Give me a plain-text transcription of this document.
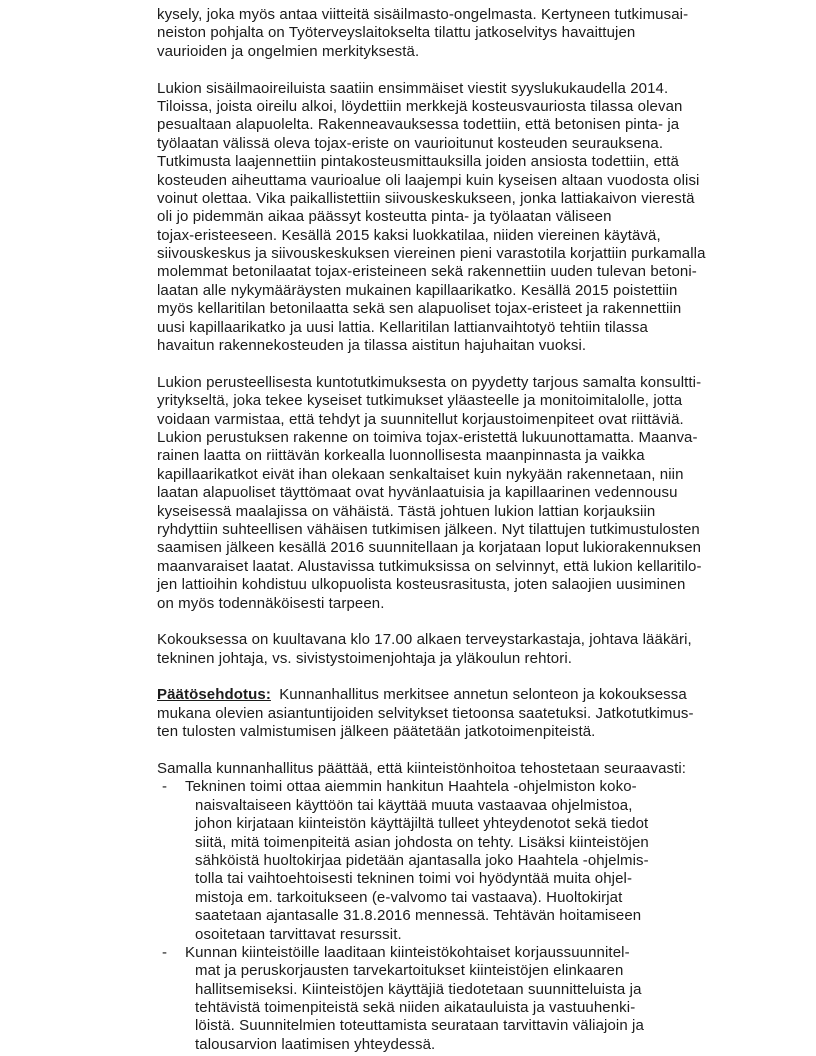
kysely, joka myös antaa viitteitä sisäilmasto-ongelmasta. Kertyneen tutkimusai-
neiston pohjalta on Työterveyslaitokselta tilattu jatkoselvitys havaittujen
vaurioiden ja ongelmien merkityksestä.
Lukion sisäilmaoireiluista saatiin ensimmäiset viestit syyslukukaudella 2014.
Tiloissa, joista oireilu alkoi, löydettiin merkkejä kosteusvauriosta tilassa olevan
pesualtaan alapuolelta. Rakenneavauksessa todettiin, että betonisen pinta- ja
työlaatan välissä oleva tojax-eriste on vaurioitunut kosteuden seurauksena.
Tutkimusta laajennettiin pintakosteusmittauksilla joiden ansiosta todettiin, että
kosteuden aiheuttama vaurioalue oli laajempi kuin kyseisen altaan vuodosta olisi
voinut olettaa. Vika paikallistettiin siivouskeskukseen, jonka lattiakaivon vierestä
oli jo pidemmän aikaa päässyt kosteutta pinta- ja työlaatan väliseen
tojax-eristeeseen. Kesällä 2015 kaksi luokkatilaa, niiden viereinen käytävä,
siivouskeskus ja siivouskeskuksen viereinen pieni varastotila korjattiin purkamalla
molemmat betonilaatat tojax-eristeineen sekä rakennettiin uuden tulevan betoni-
laatan alle nykymääräysten mukainen kapillaarikatko. Kesällä 2015 poistettiin
myös kellaritilan betonilaatta sekä sen alapuoliset tojax-eristeet ja rakennettiin
uusi kapillaarikatko ja uusi lattia. Kellaritilan lattianvaihtotyö tehtiin tilassa
havaitun rakennekosteuden ja tilassa aistitun hajuhaitan vuoksi.
Lukion perusteellisesta kuntotutkimuksesta on pyydetty tarjous samalta konsultti-
yritykseltä, joka tekee kyseiset tutkimukset yläasteelle ja monitoimitalolle, jotta
voidaan varmistaa, että tehdyt ja suunnitellut korjaustoimenpiteet ovat riittäviä.
Lukion perustuksen rakenne on toimiva tojax-eristettä lukuunottamatta. Maanva-
rainen laatta on riittävän korkealla luonnollisesta maanpinnasta ja vaikka
kapillaarikatkot eivät ihan olekaan senkaltaiset kuin nykyään rakennetaan, niin
laatan alapuoliset täyttömaat ovat hyvänlaatuisia ja kapillaarinen vedennousu
kyseisessä maalajissa on vähäistä. Tästä johtuen lukion lattian korjauksiin
ryhdyttiin suhteellisen vähäisen tutkimisen jälkeen. Nyt tilattujen tutkimustulosten
saamisen jälkeen kesällä 2016 suunnitellaan ja korjataan loput lukiorakennuksen
maanvaraiset laatat. Alustavissa tutkimuksissa on selvinnyt, että lukion kellaritilo-
jen lattioihin kohdistuu ulkopuolista kosteusrasitusta, joten salaojien uusiminen
on myös todennäköisesti tarpeen.
Kokouksessa on kuultavana klo 17.00 alkaen terveystarkastaja, johtava lääkäri,
tekninen johtaja, vs. sivistystoimenjohtaja ja yläkoulun rehtori.
Päätösehdotus: Kunnanhallitus merkitsee annetun selonteon ja kokouksessa
mukana olevien asiantuntijoiden selvitykset tietoonsa saatetuksi. Jatkotutkimus-
ten tulosten valmistumisen jälkeen päätetään jatkotoimenpiteistä.
Samalla kunnanhallitus päättää, että kiinteistönhoitoa tehostetaan seuraavasti:
- Tekninen toimi ottaa aiemmin hankitun Haahtela -ohjelmiston koko-
naisvaltaiseen käyttöön tai käyttää muuta vastaavaa ohjelmistoa,
johon kirjataan kiinteistön käyttäjiltä tulleet yhteydenotot sekä tiedot
siitä, mitä toimenpiteitä asian johdosta on tehty. Lisäksi kiinteistöjen
sähköistä huoltokirjaa pidetään ajantasalla joko Haahtela -ohjelmis-
tolla tai vaihtoehtoisesti tekninen toimi voi hyödyntää muita ohjel-
mistoja em. tarkoitukseen (e-valvomo tai vastaava). Huoltokirjat
saatetaan ajantasalle 31.8.2016 mennessä. Tehtävän hoitamiseen
osoitetaan tarvittavat resurssit.
- Kunnan kiinteistöille laaditaan kiinteistökohtaiset korjaussuunnitel-
mat ja peruskorjausten tarvekartoitukset kiinteistöjen elinkaaren
hallitsemiseksi. Kiinteistöjen käyttäjiä tiedotetaan suunnitteluista ja
tehtävistä toimenpiteistä sekä niiden aikatauluista ja vastuuhenki-
löistä. Suunnitelmien toteuttamista seurataan tarvittavin väliajoin ja
talousarvion laatimisen yhteydessä.
